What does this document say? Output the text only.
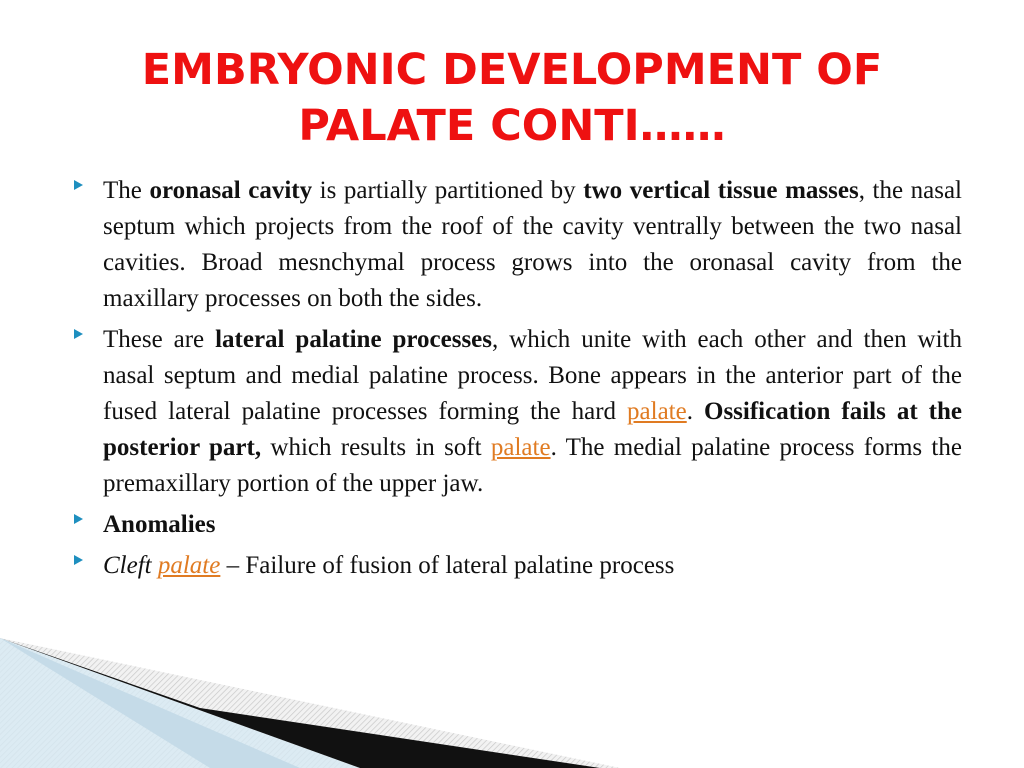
EMBRYONIC DEVELOPMENT OF PALATE CONTI……
The oronasal cavity is partially partitioned by two vertical tissue masses, the nasal septum which projects from the roof of the cavity ventrally between the two nasal cavities. Broad mesnchymal process grows into the oronasal cavity from the maxillary processes on both the sides.
These are lateral palatine processes, which unite with each other and then with nasal septum and medial palatine process. Bone appears in the anterior part of the fused lateral palatine processes forming the hard palate. Ossification fails at the posterior part, which results in soft palate. The medial palatine process forms the premaxillary portion of the upper jaw.
Anomalies
Cleft palate – Failure of fusion of lateral palatine process
